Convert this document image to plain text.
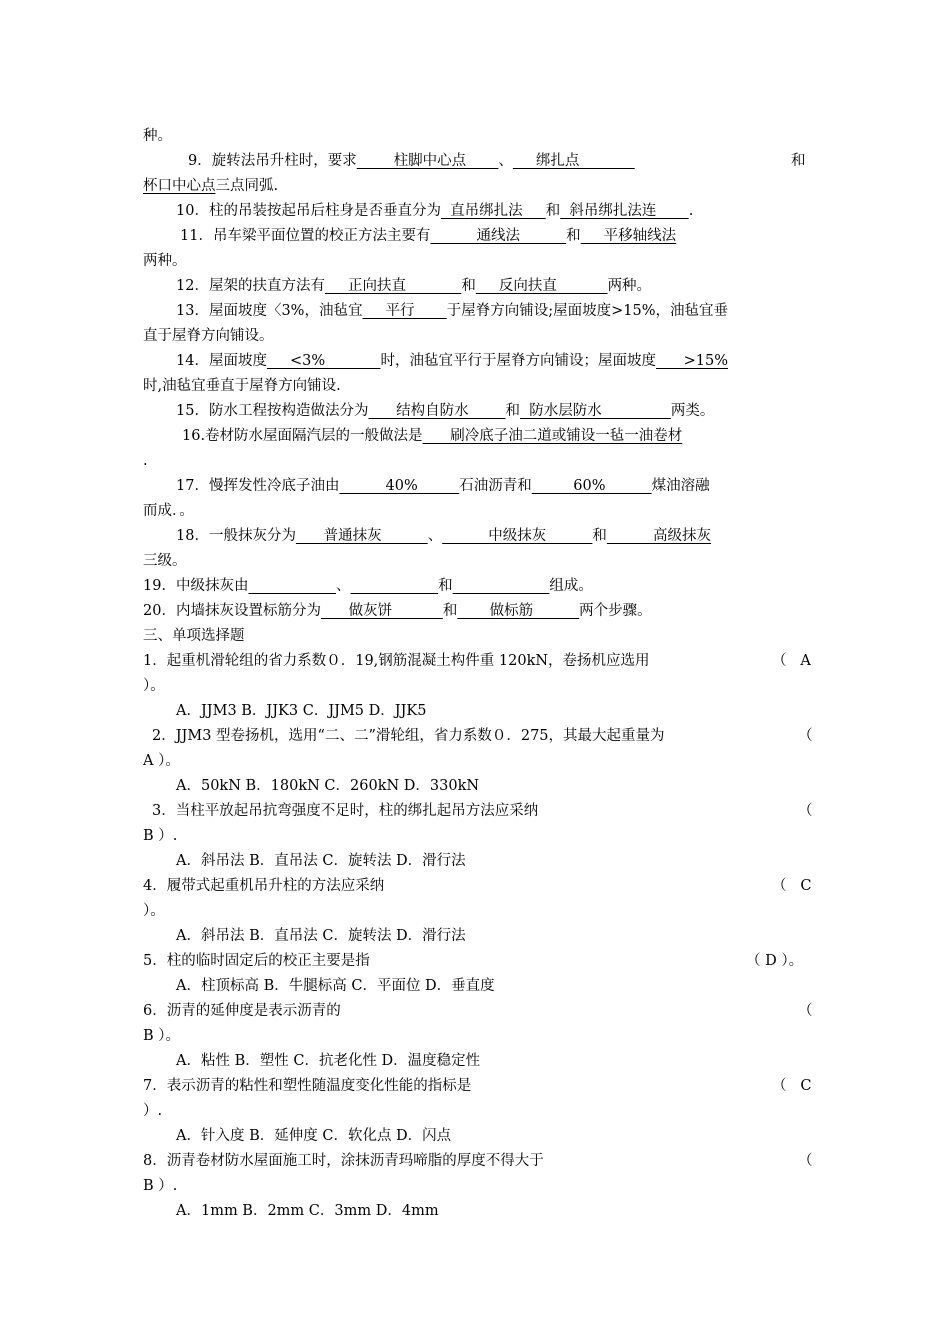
种。
9．旋转法吊升柱时，要求        柱脚中心点       、     绑扎点	和
杯口中心点三点同弧.
10．柱的吊装按起吊后柱身是否垂直分为  直吊绑扎法     和  斜吊绑扎法连       .
11．吊车梁平面位置的校正方法主要有          通线法          和     平移轴线法
两种。
12．屋架的扶直方法有     正向扶直            和     反向扶直           两种。
13．屋面坡度〈3%，油毡宜     平行       于屋脊方向铺设;屋面坡度>15%，油毡宜垂
直于屋脊方向铺设。
14．屋面坡度     <3%            时，油毡宜平行于屋脊方向铺设；屋面坡度      >15%
时,油毡宜垂直于屋脊方向铺设.
15．防水工程按构造做法分为      结构自防水        和  防水层防水               两类。
16.卷材防水屋面隔汽层的一般做法是      刷冷底子油二道或铺设一毡一油卷材
.
17．慢挥发性冷底子油由          40%         石油沥青和         60%          煤油溶融
而成．。
18．一般抹灰分为      普通抹灰          、          中级抹灰          和          高级抹灰
三级。
19．中级抹灰由	、	和	组成。
20．内墙抹灰设置标筋分为      做灰饼           和       做标筋          两个步骤。
三、单项选择题
1．起重机滑轮组的省力系数０．19,钢筋混凝土构件重 120kN，卷扬机应选用	（   A
）。
A．JJM3 B．JJK3 C．JJM5 D．JJK5
2．JJM3 型卷扬机，选用“二、二”滑轮组，省力系数０．275，其最大起重量为	（
A ）。
A．50kN B．180kN C．260kN D．330kN
3．当柱平放起吊抗弯强度不足时，柱的绑扎起吊方法应采纳	（
B ）.
A．斜吊法 B．直吊法 C．旋转法 D．滑行法
4．履带式起重机吊升柱的方法应采纳	（   C
）。
A．斜吊法 B．直吊法 C．旋转法 D．滑行法
5．柱的临时固定后的校正主要是指	（ D ）。
A．柱顶标高 B．牛腿标高 C．平面位 D．垂直度
6．沥青的延伸度是表示沥青的	（
B ）。
A．粘性 B．塑性 C．抗老化性 D．温度稳定性
7．表示沥青的粘性和塑性随温度变化性能的指标是	（   C
）.
A．针入度 B．延伸度 C．软化点 D．闪点
8．沥青卷材防水屋面施工时，涂抹沥青玛啼脂的厚度不得大于	（
B ）.
A．1mm B．2mm C．3mm D．4mm
